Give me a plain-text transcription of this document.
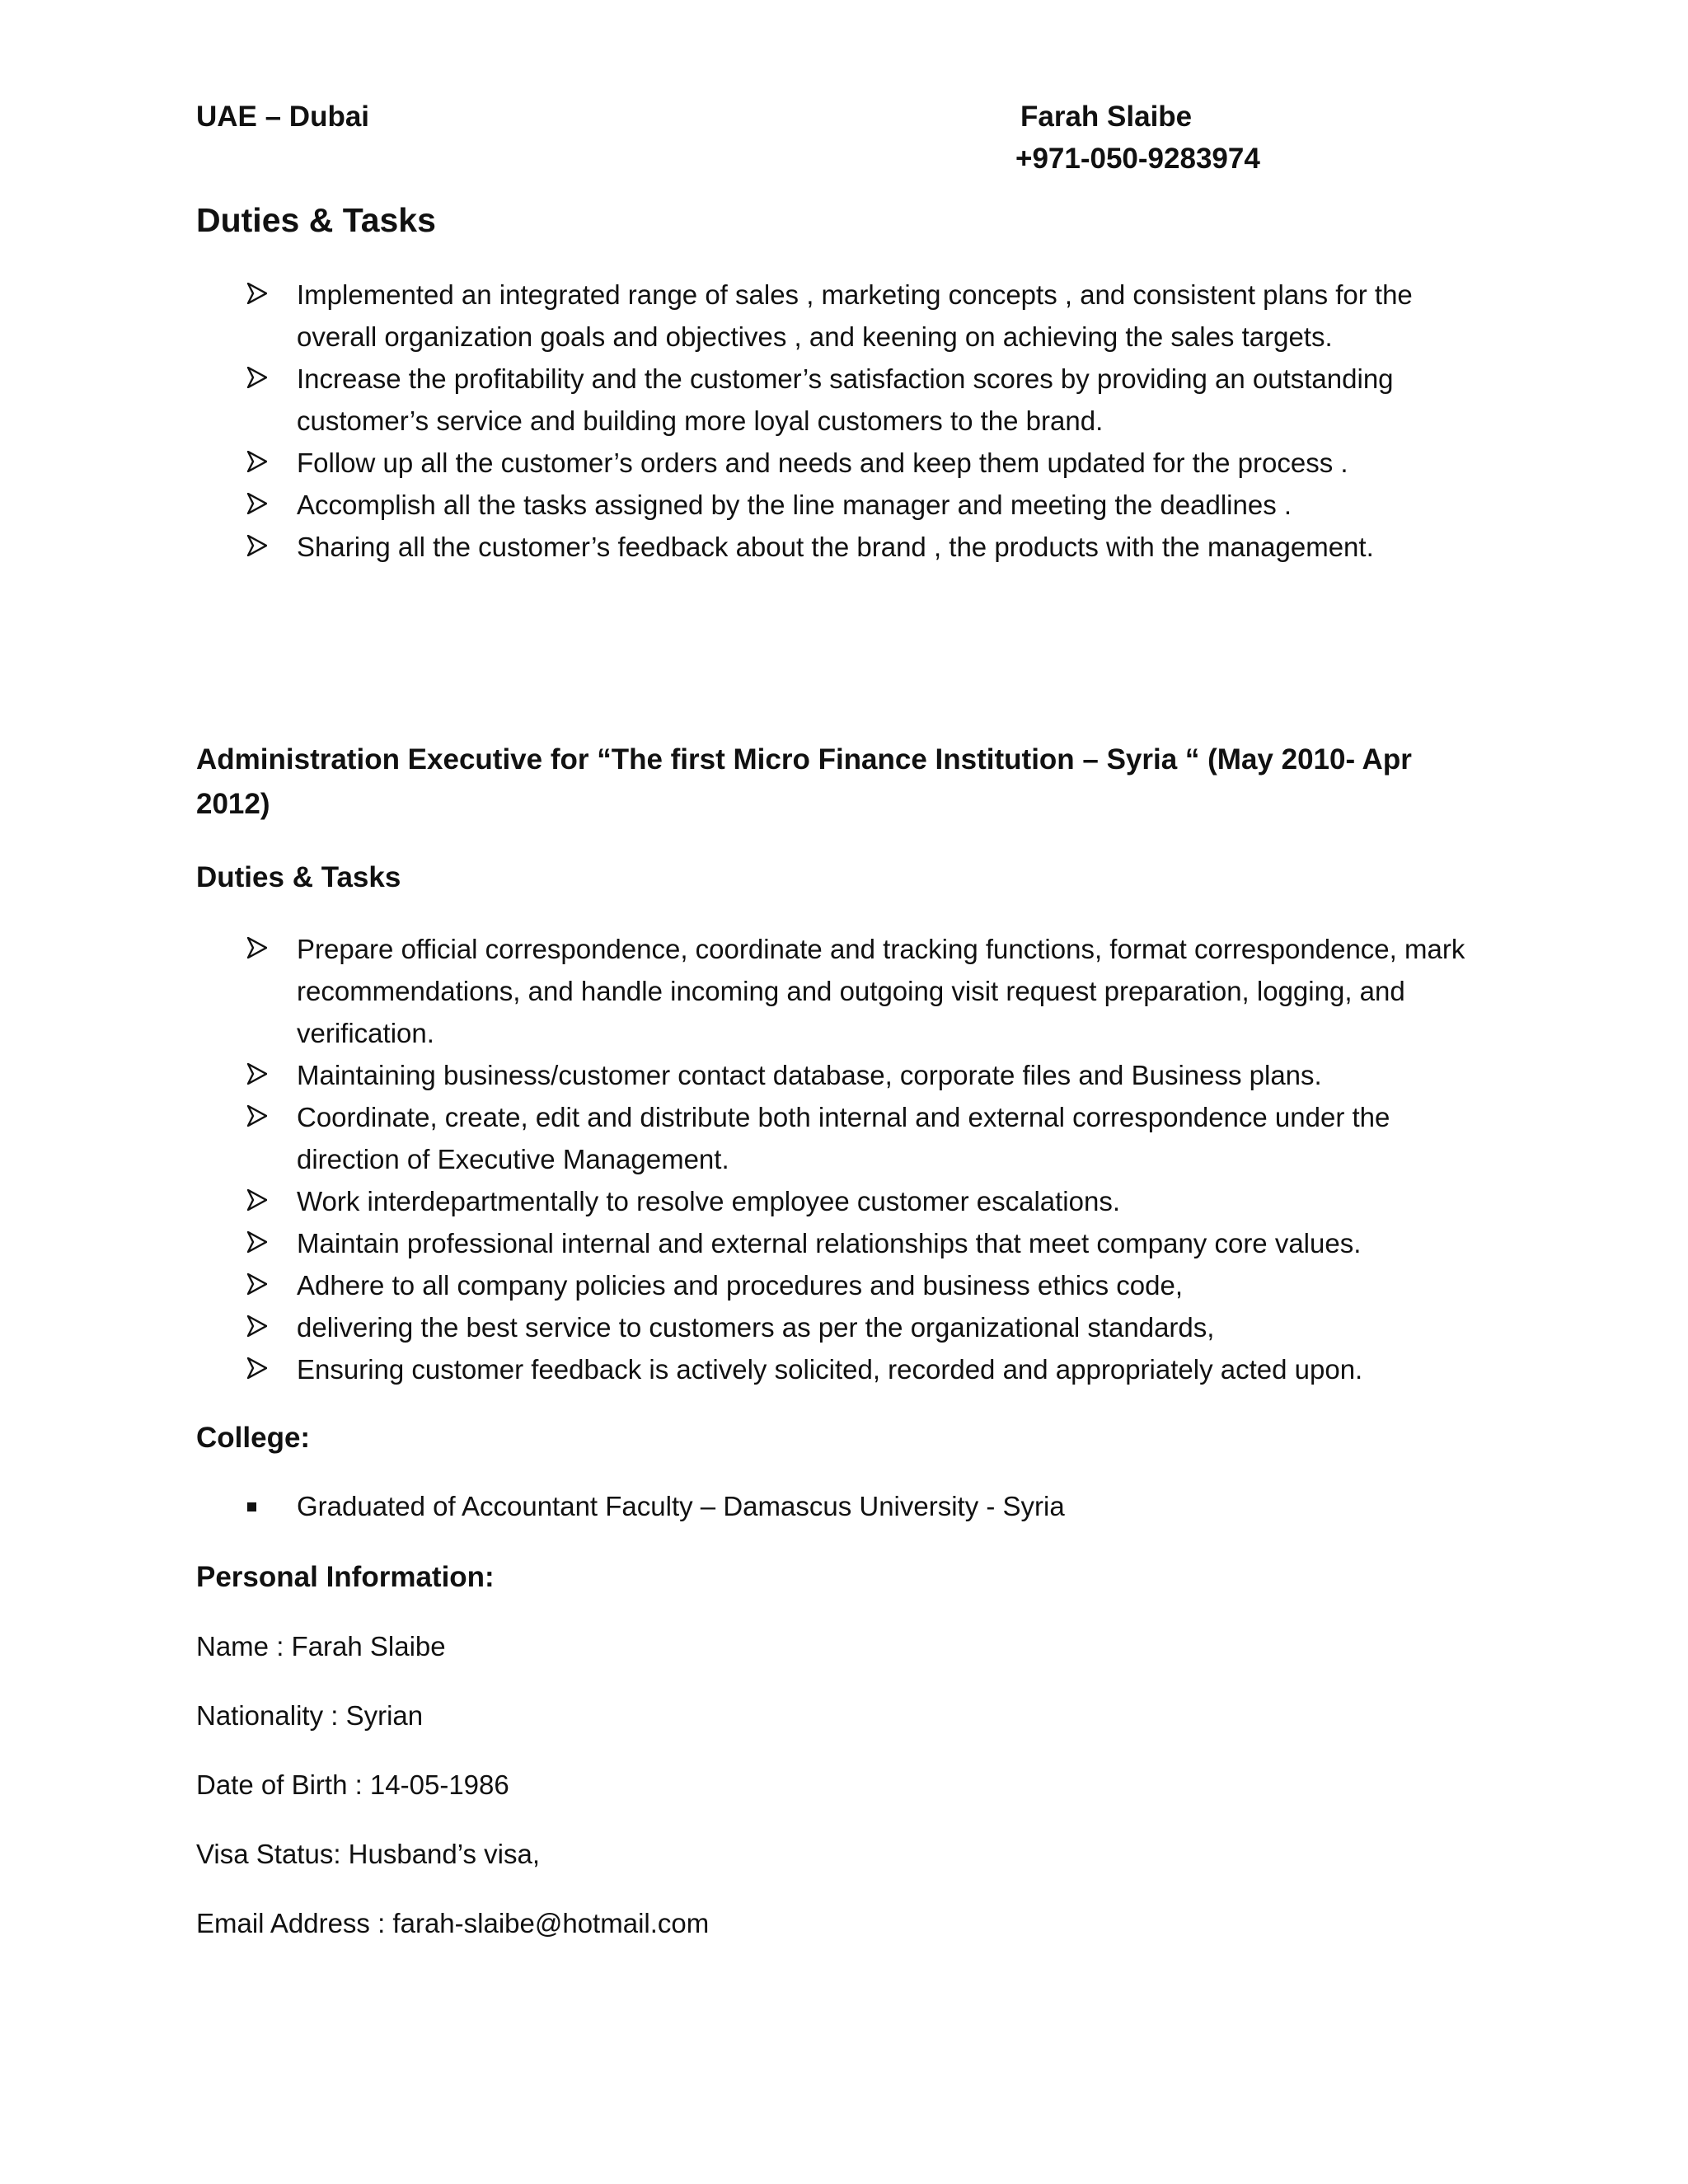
UAE – Dubai	Farah Slaibe
+971-050-9283974
Duties & Tasks
Implemented an integrated range of sales , marketing concepts , and consistent plans for the overall organization goals and objectives , and keening on achieving the sales targets.
Increase the profitability and the customer’s satisfaction scores by providing an outstanding customer’s service and building more loyal customers to the brand.
Follow up all the customer’s orders and needs and keep them updated for the process .
Accomplish all the tasks assigned by the line manager and meeting the deadlines .
Sharing all the customer’s feedback about the brand , the products with the management.
Administration Executive for “The first Micro Finance Institution – Syria “ (May 2010- Apr 2012)
Duties & Tasks
Prepare official correspondence, coordinate and tracking functions, format correspondence, mark recommendations, and handle incoming and outgoing visit request preparation, logging, and verification.
Maintaining business/customer contact database, corporate files and Business plans.
Coordinate, create, edit and distribute both internal and external correspondence under the direction of Executive Management.
Work interdepartmentally to resolve employee customer escalations.
Maintain professional internal and external relationships that meet company core values.
Adhere to all company policies and procedures and business ethics code,
delivering the best service to customers as per the organizational standards,
Ensuring customer feedback is actively solicited, recorded and appropriately acted upon.
College:
Graduated of Accountant Faculty – Damascus University - Syria
Personal Information:
Name : Farah Slaibe
Nationality : Syrian
Date of Birth : 14-05-1986
Visa Status: Husband’s visa,
Email Address : farah-slaibe@hotmail.com
